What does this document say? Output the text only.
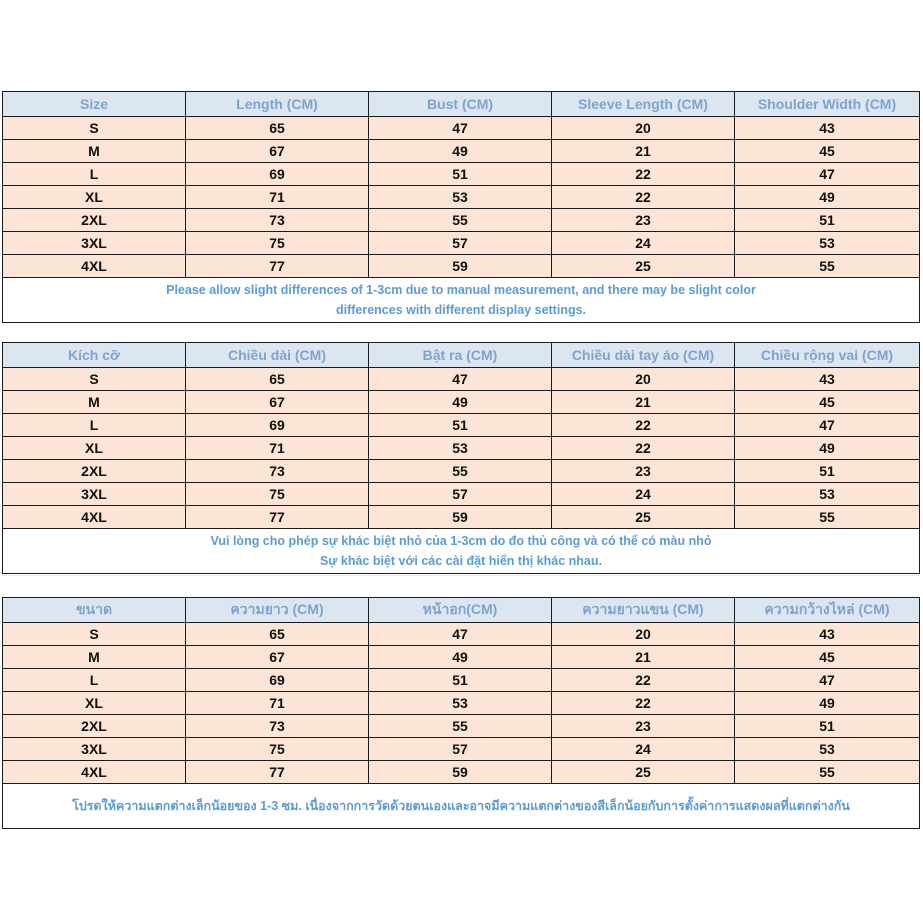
Size	Length (CM)	Bust (CM)	Sleeve Length (CM)	Shoulder Width (CM)
S	65	47	20	43
M	67	49	21	45
L	69	51	22	47
XL	71	53	22	49
2XL	73	55	23	51
3XL	75	57	24	53
4XL	77	59	25	55

Please allow slight differences of 1-3cm due to manual measurement, and there may be slight color
differences with different display settings.				
Kích cỡ	Chiều dài (CM)	Bật ra (CM)	Chiều dài tay áo (CM)	Chiều rộng vai (CM)
S	65	47	20	43
M	67	49	21	45
L	69	51	22	47
XL	71	53	22	49
2XL	73	55	23	51
3XL	75	57	24	53
4XL	77	59	25	55

Vui lòng cho phép sự khác biệt nhỏ của 1-3cm do đo thủ công và có thể có màu nhỏ
Sự khác biệt với các cài đặt hiển thị khác nhau.				
ขนาด	ความยาว (CM)	หน้าอก(CM)	ความยาวแขน (CM)	ความกว้างไหล่ (CM)
S	65	47	20	43
M	67	49	21	45
L	69	51	22	47
XL	71	53	22	49
2XL	73	55	23	51
3XL	75	57	24	53
4XL	77	59	25	55

โปรดให้ความแตกต่างเล็กน้อยของ 1-3 ซม. เนื่องจากการวัดด้วยตนเองและอาจมีความแตกต่างของสีเล็กน้อยกับการตั้งค่าการแสดงผลที่แตกต่างกัน				
